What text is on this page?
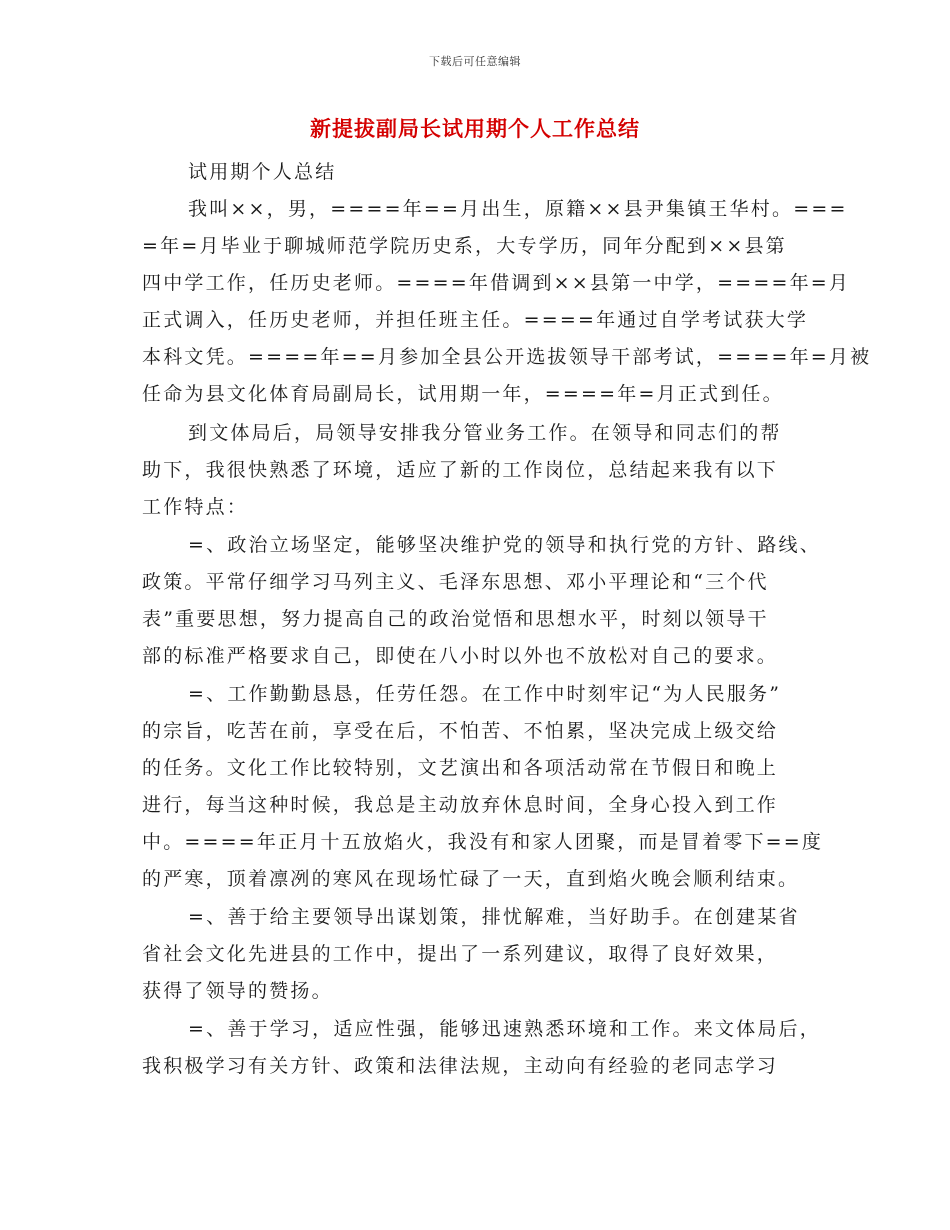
下载后可任意编辑
新提拔副局长试用期个人工作总结
试用期个人总结
我叫××，男，====年==月出生，原籍××县尹集镇王华村。===
=年=月毕业于聊城师范学院历史系，大专学历，同年分配到××县第
四中学工作，任历史老师。====年借调到××县第一中学，====年=月
正式调入，任历史老师，并担任班主任。====年通过自学考试获大学
本科文凭。====年==月参加全县公开选拔领导干部考试，====年=月被
任命为县文化体育局副局长，试用期一年，====年=月正式到任。
到文体局后，局领导安排我分管业务工作。在领导和同志们的帮
助下，我很快熟悉了环境，适应了新的工作岗位，总结起来我有以下
工作特点：
=、政治立场坚定，能够坚决维护党的领导和执行党的方针、路线、
政策。平常仔细学习马列主义、毛泽东思想、邓小平理论和“三个代
表”重要思想，努力提高自己的政治觉悟和思想水平，时刻以领导干
部的标准严格要求自己，即使在八小时以外也不放松对自己的要求。
=、工作勤勤恳恳，任劳任怨。在工作中时刻牢记“为人民服务”
的宗旨，吃苦在前，享受在后，不怕苦、不怕累，坚决完成上级交给
的任务。文化工作比较特别，文艺演出和各项活动常在节假日和晚上
进行，每当这种时候，我总是主动放弃休息时间，全身心投入到工作
中。====年正月十五放焰火，我没有和家人团聚，而是冒着零下==度
的严寒，顶着凛冽的寒风在现场忙碌了一天，直到焰火晚会顺利结束。
=、善于给主要领导出谋划策，排忧解难，当好助手。在创建某省
省社会文化先进县的工作中，提出了一系列建议，取得了良好效果，
获得了领导的赞扬。
=、善于学习，适应性强，能够迅速熟悉环境和工作。来文体局后，
我积极学习有关方针、政策和法律法规，主动向有经验的老同志学习
